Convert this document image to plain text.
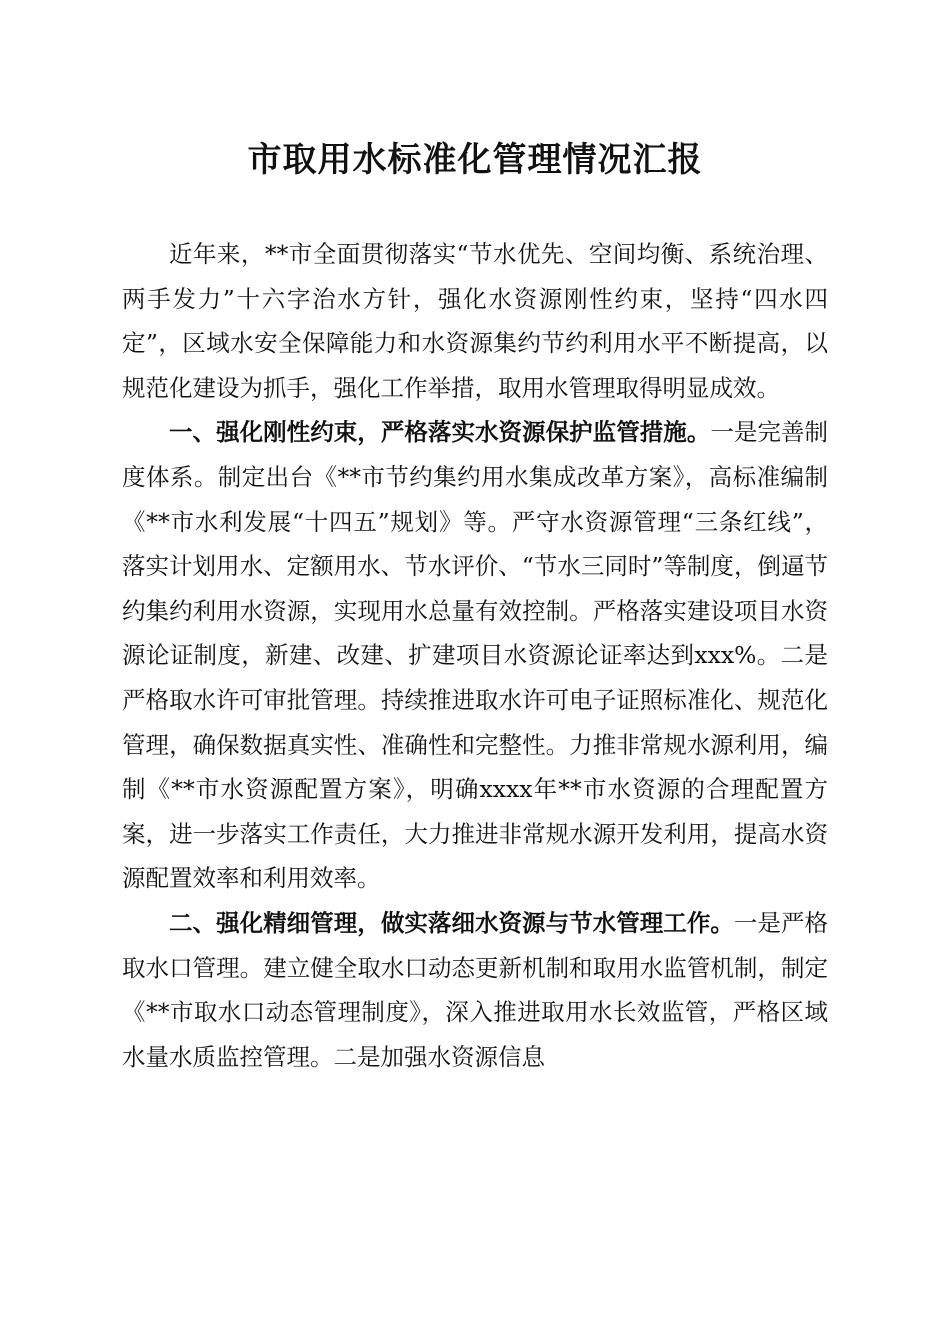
市取用水标准化管理情况汇报

近年来，**市全面贯彻落实“节水优先、空间均衡、系统治理、两手发力”十六字治水方针，强化水资源刚性约束，坚持“四水四定”，区域水安全保障能力和水资源集约节约利用水平不断提高，以规范化建设为抓手，强化工作举措，取用水管理取得明显成效。

一、强化刚性约束，严格落实水资源保护监管措施。一是完善制度体系。制定出台《**市节约集约用水集成改革方案》，高标准编制《**市水利发展“十四五”规划》等。严守水资源管理“三条红线”，落实计划用水、定额用水、节水评价、“节水三同时”等制度，倒逼节约集约利用水资源，实现用水总量有效控制。严格落实建设项目水资源论证制度，新建、改建、扩建项目水资源论证率达到xxx%。二是严格取水许可审批管理。持续推进取水许可电子证照标准化、规范化管理，确保数据真实性、准确性和完整性。力推非常规水源利用，编制《**市水资源配置方案》，明确xxxx年**市水资源的合理配置方案，进一步落实工作责任，大力推进非常规水源开发利用，提高水资源配置效率和利用效率。

二、强化精细管理，做实落细水资源与节水管理工作。一是严格取水口管理。建立健全取水口动态更新机制和取用水监管机制，制定《**市取水口动态管理制度》，深入推进取用水长效监管，严格区域水量水质监控管理。二是加强水资源信息
